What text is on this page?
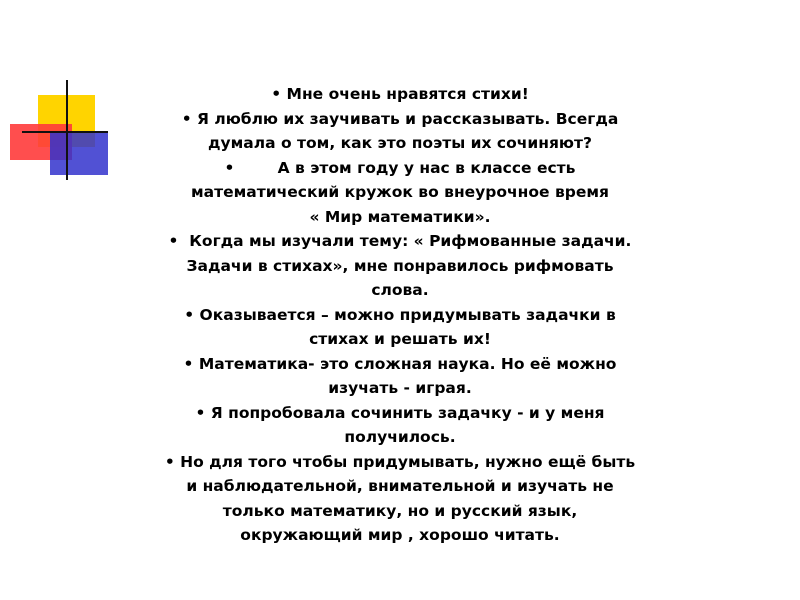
• Мне очень нравятся стихи!
• Я люблю их заучивать и рассказывать. Всегда
думала о том, как это поэты их сочиняют?
•        А в этом году у нас в классе есть
математический кружок во внеурочное время
« Мир математики».
•  Когда мы изучали тему: « Рифмованные задачи.
Задачи в стихах», мне понравилось рифмовать
слова.
• Оказывается – можно придумывать задачки в
стихах и решать их!
• Математика- это сложная наука. Но её можно
изучать - играя.
• Я попробовала сочинить задачку - и у меня
получилось.
• Но для того чтобы придумывать, нужно ещё быть
и наблюдательной, внимательной и изучать не
только математику, но и русский язык,
окружающий мир , хорошо читать.
